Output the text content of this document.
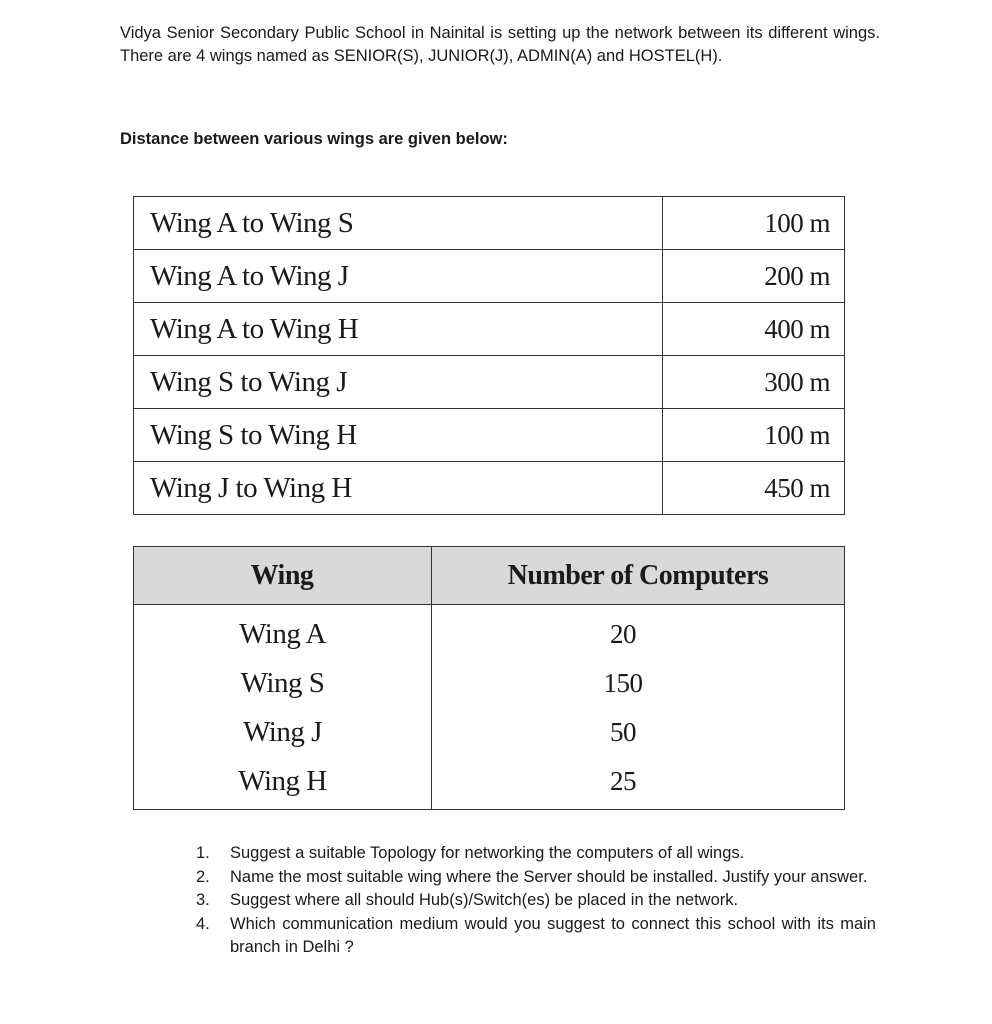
Vidya Senior Secondary Public School in Nainital is setting up the network between its different wings. There are 4 wings named as SENIOR(S), JUNIOR(J), ADMIN(A) and HOSTEL(H).
Distance between various wings are given below:
Wing A to Wing S	100 m
Wing A to Wing J	200 m
Wing A to Wing H	400 m
Wing S to Wing J	300 m
Wing S to Wing H	100 m
Wing J to Wing H	450 m
Wing	Number of Computers
Wing A	20
Wing S	150
Wing J	50
Wing H	25
1.	Suggest a suitable Topology for networking the computers of all wings.
2.	Name the most suitable wing where the Server should be installed. Justify your answer.
3.	Suggest where all should Hub(s)/Switch(es) be placed in the network.
4.	Which communication medium would you suggest to connect this school with its main branch in Delhi ?
